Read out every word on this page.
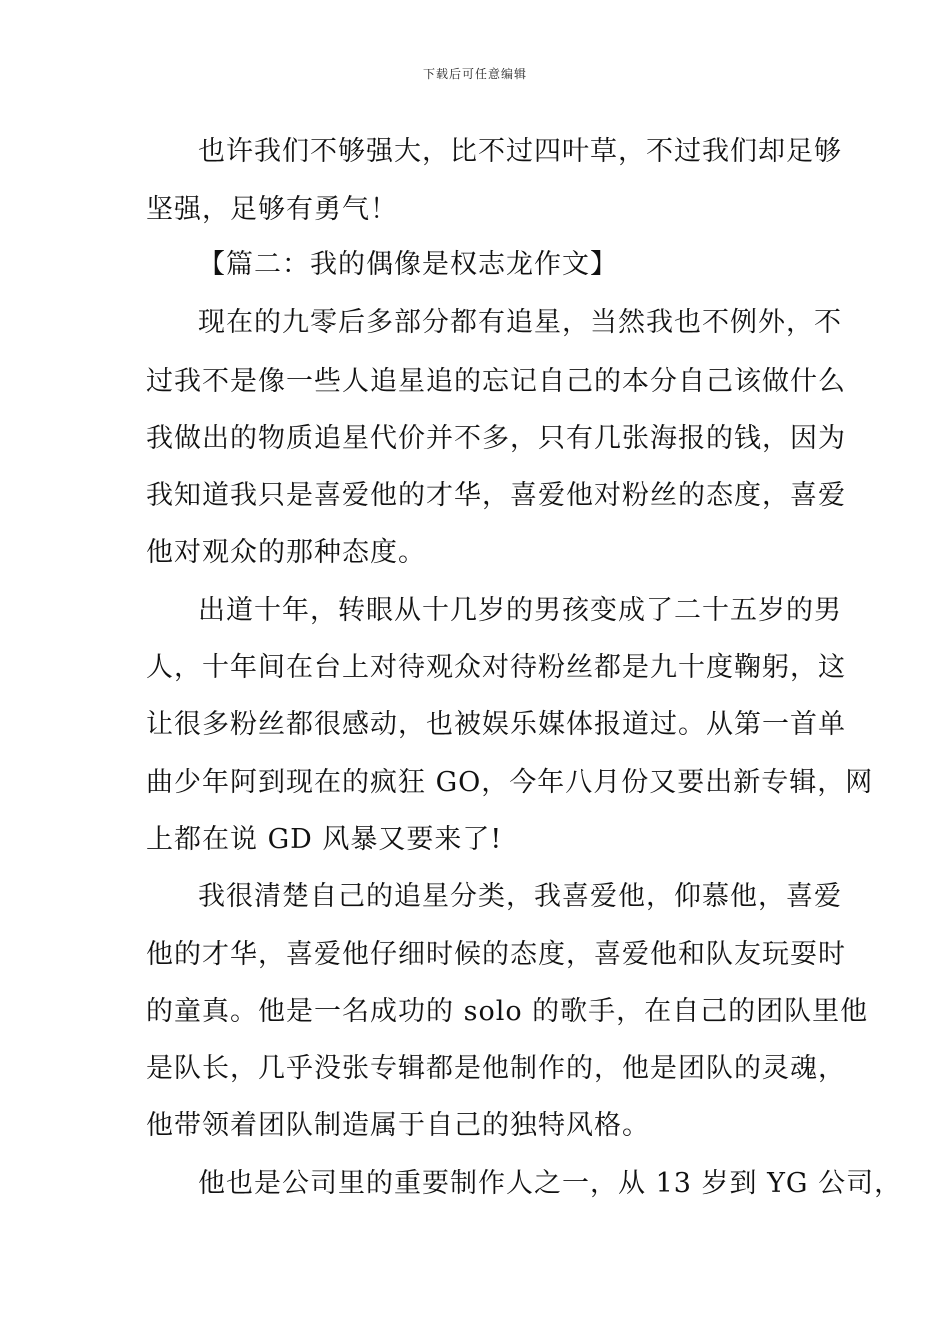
下载后可任意编辑
也许我们不够强大，比不过四叶草，不过我们却足够
坚强，足够有勇气！
【篇二：我的偶像是权志龙作文】
现在的九零后多部分都有追星，当然我也不例外，不
过我不是像一些人追星追的忘记自己的本分自己该做什么
我做出的物质追星代价并不多，只有几张海报的钱，因为
我知道我只是喜爱他的才华，喜爱他对粉丝的态度，喜爱
他对观众的那种态度。
出道十年，转眼从十几岁的男孩变成了二十五岁的男
人，十年间在台上对待观众对待粉丝都是九十度鞠躬，这
让很多粉丝都很感动，也被娱乐媒体报道过。从第一首单
曲少年阿到现在的疯狂 GO，今年八月份又要出新专辑，网
上都在说 GD 风暴又要来了!
我很清楚自己的追星分类，我喜爱他，仰慕他，喜爱
他的才华，喜爱他仔细时候的态度，喜爱他和队友玩耍时
的童真。他是一名成功的 solo 的歌手，在自己的团队里他
是队长，几乎没张专辑都是他制作的，他是团队的灵魂，
他带领着团队制造属于自己的独特风格。
他也是公司里的重要制作人之一，从 13 岁到 YG 公司，
